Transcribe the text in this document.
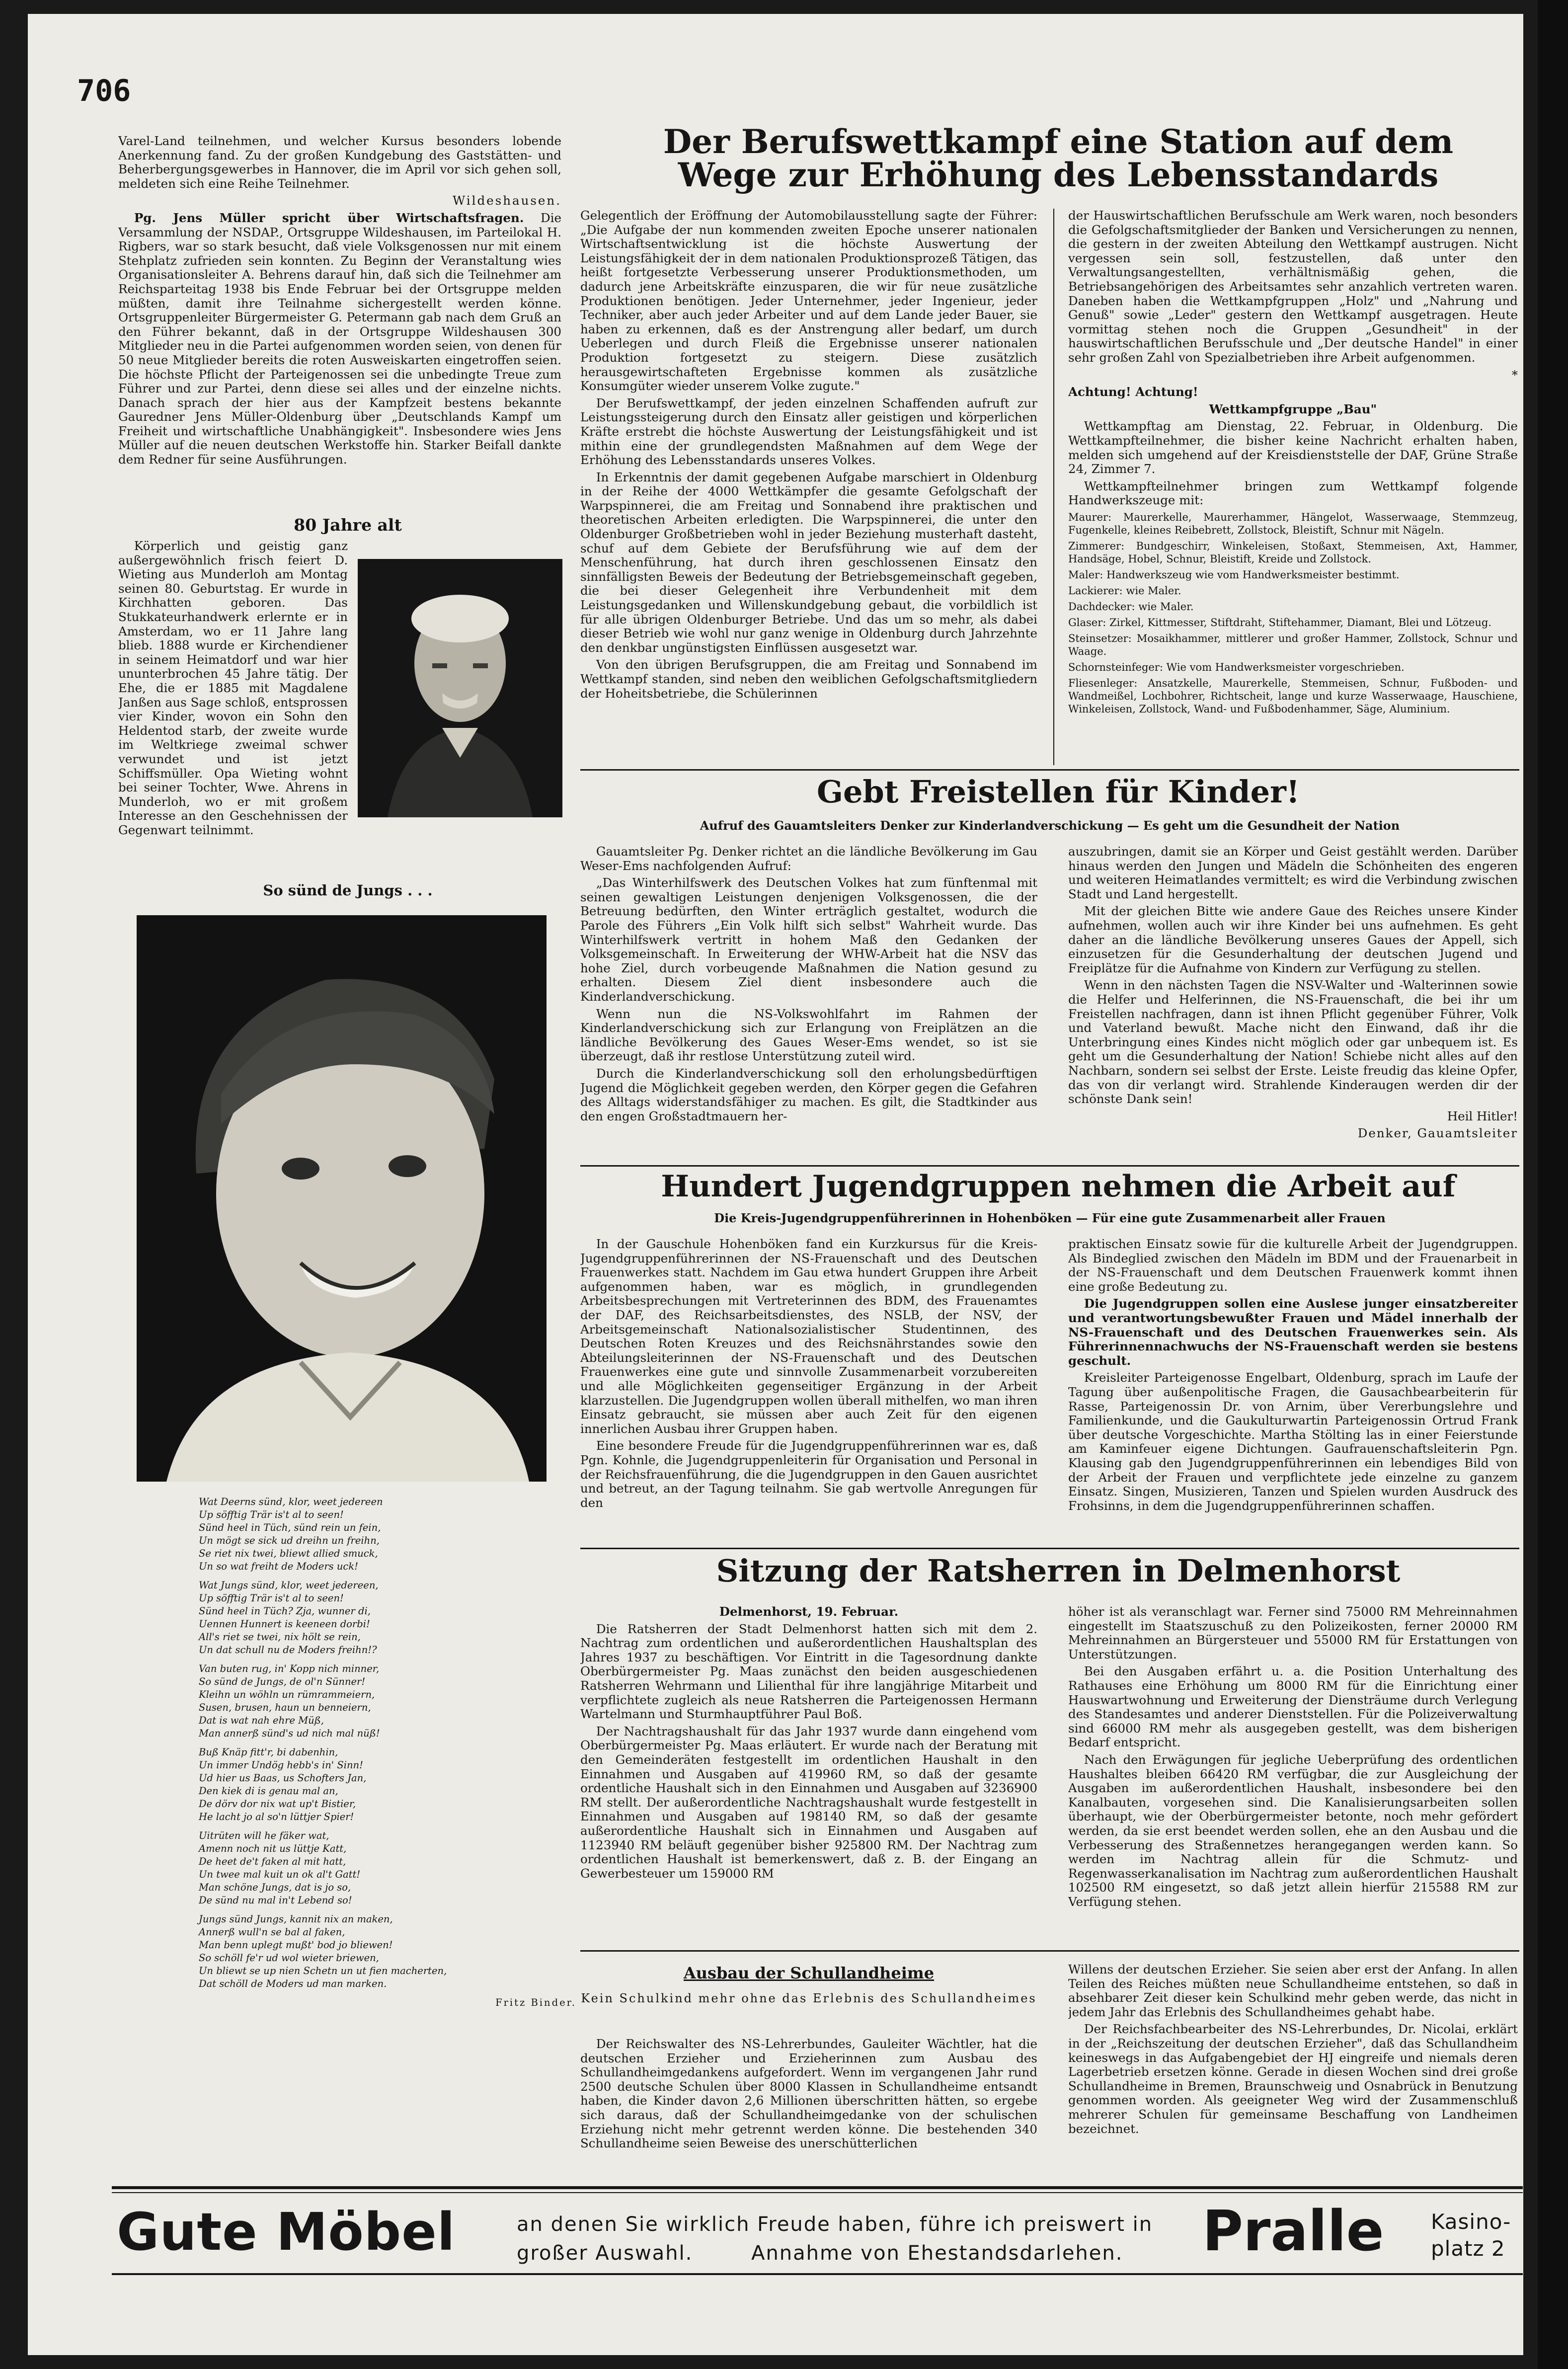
706

Varel-Land teilnehmen, und welcher Kursus besonders lobende Anerkennung fand. Zu der großen Kundgebung des Gaststätten- und Beherbergungsgewerbes in Hannover, die im April vor sich gehen soll, meldeten sich eine Reihe Teilnehmer.

Wildeshausen.

Pg. Jens Müller spricht über Wirtschaftsfragen. Die Versammlung der NSDAP., Ortsgruppe Wildeshausen, im Parteilokal H. Rigbers, war so stark besucht, daß viele Volksgenossen nur mit einem Stehplatz zufrieden sein konnten. Zu Beginn der Veranstaltung wies Organisationsleiter A. Behrens darauf hin, daß sich die Teilnehmer am Reichsparteitag 1938 bis Ende Februar bei der Ortsgruppe melden müßten, damit ihre Teilnahme sichergestellt werden könne. Ortsgruppenleiter Bürgermeister G. Petermann gab nach dem Gruß an den Führer bekannt, daß in der Ortsgruppe Wildeshausen 300 Mitglieder neu in die Partei aufgenommen worden seien, von denen für 50 neue Mitglieder bereits die roten Ausweiskarten eingetroffen seien. Die höchste Pflicht der Parteigenossen sei die unbedingte Treue zum Führer und zur Partei, denn diese sei alles und der einzelne nichts. Danach sprach der hier aus der Kampfzeit bestens bekannte Gauredner Jens Müller-Oldenburg über „Deutschlands Kampf um Freiheit und wirtschaftliche Unabhängigkeit". Insbesondere wies Jens Müller auf die neuen deutschen Werkstoffe hin. Starker Beifall dankte dem Redner für seine Ausführungen.

80 Jahre alt

Körperlich und geistig ganz außergewöhnlich frisch feiert D. Wieting aus Munderloh am Montag seinen 80. Geburtstag. Er wurde in Kirchhatten geboren. Das Stukkateurhandwerk erlernte er in Amsterdam, wo er 11 Jahre lang blieb. 1888 wurde er Kirchendiener in seinem Heimatdorf und war hier ununterbrochen 45 Jahre tätig. Der Ehe, die er 1885 mit Magdalene Janßen aus Sage schloß, entsprossen vier Kinder, wovon ein Sohn den Heldentod starb, der zweite wurde im Weltkriege zweimal schwer verwundet und ist jetzt Schiffsmüller. Opa Wieting wohnt bei seiner Tochter, Wwe. Ahrens in Munderloh, wo er mit großem Interesse an den Geschehnissen der Gegenwart teilnimmt.

So sünd de Jungs . . .

Wat Deerns sünd, klor, weet jedereen
Up söfftig Trär is't al to seen!
Sünd heel in Tüch, sünd rein un fein,
Un mögt se sick ud dreihn un freihn,
Se riet nix twei, bliewt allied smuck,
Un so wat freiht de Moders uck!

Wat Jungs sünd, klor, weet jedereen,
Up söfftig Trär is't al to seen!
Sünd heel in Tüch? Zja, wunner di,
Uennen Hunnert is keeneen dorbi!
All's riet se twei, nix hölt se rein,
Un dat schull nu de Moders freihn!?

Van buten rug, in' Kopp nich minner,
So sünd de Jungs, de ol'n Sünner!
Kleihn un wöhln un rümrammeiern,
Susen, brusen, haun un benneiern,
Dat is wat nah ehre Müß,
Man annerß sünd's ud nich mal nüß!

Buß Knäp fitt'r, bi dabenhin,
Un immer Undög hebb's in' Sinn!
Ud hier us Baas, us Schofters Jan,
Den kiek di is genau mal an,
De dörv dor nix wat up't Bistier,
He lacht jo al so'n lüttjer Spier!

Uitrüten will he fäker wat,
Amenn noch nit us lüttje Katt,
De heet de't faken al mit hatt,
Un twee mal kuit un ok al't Gatt!
Man schöne Jungs, dat is jo so,
De sünd nu mal in't Lebend so!

Jungs sünd Jungs, kannit nix an maken,
Annerß wull'n se bal al faken,
Man benn uplegt mußt' bod jo bliewen!
So schöll fe'r ud wol wieter briewen,
Un bliewt se up nien Schetn un ut fien macherten,
Dat schöll de Moders ud man marken.

Fritz Binder.

Der Berufswettkampf eine Station auf dem Wege zur Erhöhung des Lebensstandards

Gelegentlich der Eröffnung der Automobilausstellung sagte der Führer: „Die Aufgabe der nun kommenden zweiten Epoche unserer nationalen Wirtschaftsentwicklung ist die höchste Auswertung der Leistungsfähigkeit der in dem nationalen Produktionsprozeß Tätigen, das heißt fortgesetzte Verbesserung unserer Produktionsmethoden, um dadurch jene Arbeitskräfte einzusparen, die wir für neue zusätzliche Produktionen benötigen. Jeder Unternehmer, jeder Ingenieur, jeder Techniker, aber auch jeder Arbeiter und auf dem Lande jeder Bauer, sie haben zu erkennen, daß es der Anstrengung aller bedarf, um durch Ueberlegen und durch Fleiß die Ergebnisse unserer nationalen Produktion fortgesetzt zu steigern. Diese zusätzlich herausgewirtschafteten Ergebnisse kommen als zusätzliche Konsumgüter wieder unserem Volke zugute."

Der Berufswettkampf, der jeden einzelnen Schaffenden aufruft zur Leistungssteigerung durch den Einsatz aller geistigen und körperlichen Kräfte erstrebt die höchste Auswertung der Leistungsfähigkeit und ist mithin eine der grundlegendsten Maßnahmen auf dem Wege der Erhöhung des Lebensstandards unseres Volkes.

In Erkenntnis der damit gegebenen Aufgabe marschiert in Oldenburg in der Reihe der 4000 Wettkämpfer die gesamte Gefolgschaft der Warpspinnerei, die am Freitag und Sonnabend ihre praktischen und theoretischen Arbeiten erledigten. Die Warpspinnerei, die unter den Oldenburger Großbetrieben wohl in jeder Beziehung musterhaft dasteht, schuf auf dem Gebiete der Berufsführung wie auf dem der Menschenführung, hat durch ihren geschlossenen Einsatz den sinnfälligsten Beweis der Bedeutung der Betriebsgemeinschaft gegeben, die bei dieser Gelegenheit ihre Verbundenheit mit dem Leistungsgedanken und Willenskundgebung gebaut, die vorbildlich ist für alle übrigen Oldenburger Betriebe. Und das um so mehr, als dabei dieser Betrieb wie wohl nur ganz wenige in Oldenburg durch Jahrzehnte den denkbar ungünstigsten Einflüssen ausgesetzt war.

Von den übrigen Berufsgruppen, die am Freitag und Sonnabend im Wettkampf standen, sind neben den weiblichen Gefolgschaftsmitgliedern der Hoheitsbetriebe, die Schülerinnen

der Hauswirtschaftlichen Berufsschule am Werk waren, noch besonders die Gefolgschaftsmitglieder der Banken und Versicherungen zu nennen, die gestern in der zweiten Abteilung den Wettkampf austrugen. Nicht vergessen sein soll, festzustellen, daß unter den Verwaltungsangestellten, verhältnismäßig gehen, die Betriebsangehörigen des Arbeitsamtes sehr anzahlich vertreten waren. Daneben haben die Wettkampfgruppen „Holz" und „Nahrung und Genuß" sowie „Leder" gestern den Wettkampf ausgetragen. Heute vormittag stehen noch die Gruppen „Gesundheit" in der hauswirtschaftlichen Berufsschule und „Der deutsche Handel" in einer sehr großen Zahl von Spezialbetrieben ihre Arbeit aufgenommen.

*

Achtung! Achtung!

Wettkampfgruppe „Bau"

Wettkampftag am Dienstag, 22. Februar, in Oldenburg. Die Wettkampfteilnehmer, die bisher keine Nachricht erhalten haben, melden sich umgehend auf der Kreisdienststelle der DAF, Grüne Straße 24, Zimmer 7.

Wettkampfteilnehmer bringen zum Wettkampf folgende Handwerkszeuge mit:

Maurer: Maurerkelle, Maurerhammer, Hängelot, Wasserwaage, Stemmzeug, Fugenkelle, kleines Reibebrett, Zollstock, Bleistift, Schnur mit Nägeln.

Zimmerer: Bundgeschirr, Winkeleisen, Stoßaxt, Stemmeisen, Axt, Hammer, Handsäge, Hobel, Schnur, Bleistift, Kreide und Zollstock.

Maler: Handwerkszeug wie vom Handwerksmeister bestimmt.

Lackierer: wie Maler.

Dachdecker: wie Maler.

Glaser: Zirkel, Kittmesser, Stiftdraht, Stiftehammer, Diamant, Blei und Lötzeug.

Steinsetzer: Mosaikhammer, mittlerer und großer Hammer, Zollstock, Schnur und Waage.

Schornsteinfeger: Wie vom Handwerksmeister vorgeschrieben.

Fliesenleger: Ansatzkelle, Maurerkelle, Stemmeisen, Schnur, Fußboden- und Wandmeißel, Lochbohrer, Richtscheit, lange und kurze Wasserwaage, Hauschiene, Winkeleisen, Zollstock, Wand- und Fußbodenhammer, Säge, Aluminium.

Gebt Freistellen für Kinder!
Aufruf des Gauamtsleiters Denker zur Kinderlandverschickung — Es geht um die Gesundheit der Nation

Gauamtsleiter Pg. Denker richtet an die ländliche Bevölkerung im Gau Weser-Ems nachfolgenden Aufruf:

„Das Winterhilfswerk des Deutschen Volkes hat zum fünftenmal mit seinen gewaltigen Leistungen denjenigen Volksgenossen, die der Betreuung bedürften, den Winter erträglich gestaltet, wodurch die Parole des Führers „Ein Volk hilft sich selbst" Wahrheit wurde. Das Winterhilfswerk vertritt in hohem Maß den Gedanken der Volksgemeinschaft. In Erweiterung der WHW-Arbeit hat die NSV das hohe Ziel, durch vorbeugende Maßnahmen die Nation gesund zu erhalten. Diesem Ziel dient insbesondere auch die Kinderlandverschickung.

Wenn nun die NS-Volkswohlfahrt im Rahmen der Kinderlandverschickung sich zur Erlangung von Freiplätzen an die ländliche Bevölkerung des Gaues Weser-Ems wendet, so ist sie überzeugt, daß ihr restlose Unterstützung zuteil wird.

Durch die Kinderlandverschickung soll den erholungsbedürftigen Jugend die Möglichkeit gegeben werden, den Körper gegen die Gefahren des Alltags widerstandsfähiger zu machen. Es gilt, die Stadtkinder aus den engen Großstadtmauern her-

auszubringen, damit sie an Körper und Geist gestählt werden. Darüber hinaus werden den Jungen und Mädeln die Schönheiten des engeren und weiteren Heimatlandes vermittelt; es wird die Verbindung zwischen Stadt und Land hergestellt.

Mit der gleichen Bitte wie andere Gaue des Reiches unsere Kinder aufnehmen, wollen auch wir ihre Kinder bei uns aufnehmen. Es geht daher an die ländliche Bevölkerung unseres Gaues der Appell, sich einzusetzen für die Gesunderhaltung der deutschen Jugend und Freiplätze für die Aufnahme von Kindern zur Verfügung zu stellen.

Wenn in den nächsten Tagen die NSV-Walter und -Walterinnen sowie die Helfer und Helferinnen, die NS-Frauenschaft, die bei ihr um Freistellen nachfragen, dann ist ihnen Pflicht gegenüber Führer, Volk und Vaterland bewußt. Mache nicht den Einwand, daß ihr die Unterbringung eines Kindes nicht möglich oder gar unbequem ist. Es geht um die Gesunderhaltung der Nation! Schiebe nicht alles auf den Nachbarn, sondern sei selbst der Erste. Leiste freudig das kleine Opfer, das von dir verlangt wird. Strahlende Kinderaugen werden dir der schönste Dank sein!

Heil Hitler!

Denker, Gauamtsleiter

Hundert Jugendgruppen nehmen die Arbeit auf
Die Kreis-Jugendgruppenführerinnen in Hohenböken — Für eine gute Zusammenarbeit aller Frauen

In der Gauschule Hohenböken fand ein Kurzkursus für die Kreis-Jugendgruppenführerinnen der NS-Frauenschaft und des Deutschen Frauenwerkes statt. Nachdem im Gau etwa hundert Gruppen ihre Arbeit aufgenommen haben, war es möglich, in grundlegenden Arbeitsbesprechungen mit Vertreterinnen des BDM, des Frauenamtes der DAF, des Reichsarbeitsdienstes, des NSLB, der NSV, der Arbeitsgemeinschaft Nationalsozialistischer Studentinnen, des Deutschen Roten Kreuzes und des Reichsnährstandes sowie den Abteilungsleiterinnen der NS-Frauenschaft und des Deutschen Frauenwerkes eine gute und sinnvolle Zusammenarbeit vorzubereiten und alle Möglichkeiten gegenseitiger Ergänzung in der Arbeit klarzustellen. Die Jugendgruppen wollen überall mithelfen, wo man ihren Einsatz gebraucht, sie müssen aber auch Zeit für den eigenen innerlichen Ausbau ihrer Gruppen haben.

Eine besondere Freude für die Jugendgruppenführerinnen war es, daß Pgn. Kohnle, die Jugendgruppenleiterin für Organisation und Personal in der Reichsfrauenführung, die die Jugendgruppen in den Gauen ausrichtet und betreut, an der Tagung teilnahm. Sie gab wertvolle Anregungen für den

praktischen Einsatz sowie für die kulturelle Arbeit der Jugendgruppen. Als Bindeglied zwischen den Mädeln im BDM und der Frauenarbeit in der NS-Frauenschaft und dem Deutschen Frauenwerk kommt ihnen eine große Bedeutung zu.

Die Jugendgruppen sollen eine Auslese junger einsatzbereiter und verantwortungsbewußter Frauen und Mädel innerhalb der NS-Frauenschaft und des Deutschen Frauenwerkes sein. Als Führerinnennachwuchs der NS-Frauenschaft werden sie bestens geschult.

Kreisleiter Parteigenosse Engelbart, Oldenburg, sprach im Laufe der Tagung über außenpolitische Fragen, die Gausachbearbeiterin für Rasse, Parteigenossin Dr. von Arnim, über Vererbungslehre und Familienkunde, und die Gaukulturwartin Parteigenossin Ortrud Frank über deutsche Vorgeschichte. Martha Stölting las in einer Feierstunde am Kaminfeuer eigene Dichtungen. Gaufrauenschaftsleiterin Pgn. Klausing gab den Jugendgruppenführerinnen ein lebendiges Bild von der Arbeit der Frauen und verpflichtete jede einzelne zu ganzem Einsatz. Singen, Musizieren, Tanzen und Spielen wurden Ausdruck des Frohsinns, in dem die Jugendgruppenführerinnen schaffen.

Sitzung der Ratsherren in Delmenhorst

Delmenhorst, 19. Februar.

Die Ratsherren der Stadt Delmenhorst hatten sich mit dem 2. Nachtrag zum ordentlichen und außerordentlichen Haushaltsplan des Jahres 1937 zu beschäftigen. Vor Eintritt in die Tagesordnung dankte Oberbürgermeister Pg. Maas zunächst den beiden ausgeschiedenen Ratsherren Wehrmann und Lilienthal für ihre langjährige Mitarbeit und verpflichtete zugleich als neue Ratsherren die Parteigenossen Hermann Wartelmann und Sturmhauptführer Paul Boß.

Der Nachtragshaushalt für das Jahr 1937 wurde dann eingehend vom Oberbürgermeister Pg. Maas erläutert. Er wurde nach der Beratung mit den Gemeinderäten festgestellt im ordentlichen Haushalt in den Einnahmen und Ausgaben auf 419960 RM, so daß der gesamte ordentliche Haushalt sich in den Einnahmen und Ausgaben auf 3236900 RM stellt. Der außerordentliche Nachtragshaushalt wurde festgestellt in Einnahmen und Ausgaben auf 198140 RM, so daß der gesamte außerordentliche Haushalt sich in Einnahmen und Ausgaben auf 1123940 RM beläuft gegenüber bisher 925800 RM. Der Nachtrag zum ordentlichen Haushalt ist bemerkenswert, daß z. B. der Eingang an Gewerbesteuer um 159000 RM

höher ist als veranschlagt war. Ferner sind 75000 RM Mehreinnahmen eingestellt im Staatszuschuß zu den Polizeikosten, ferner 20000 RM Mehreinnahmen an Bürgersteuer und 55000 RM für Erstattungen von Unterstützungen.

Bei den Ausgaben erfährt u. a. die Position Unterhaltung des Rathauses eine Erhöhung um 8000 RM für die Einrichtung einer Hauswartwohnung und Erweiterung der Diensträume durch Verlegung des Standesamtes und anderer Dienststellen. Für die Polizeiverwaltung sind 66000 RM mehr als ausgegeben gestellt, was dem bisherigen Bedarf entspricht.

Nach den Erwägungen für jegliche Ueberprüfung des ordentlichen Haushaltes bleiben 66420 RM verfügbar, die zur Ausgleichung der Ausgaben im außerordentlichen Haushalt, insbesondere bei den Kanalbauten, vorgesehen sind. Die Kanalisierungsarbeiten sollen überhaupt, wie der Oberbürgermeister betonte, noch mehr gefördert werden, da sie erst beendet werden sollen, ehe an den Ausbau und die Verbesserung des Straßennetzes herangegangen werden kann. So werden im Nachtrag allein für die Schmutz- und Regenwasserkanalisation im Nachtrag zum außerordentlichen Haushalt 102500 RM eingesetzt, so daß jetzt allein hierfür 215588 RM zur Verfügung stehen.

Ausbau der Schullandheime
Kein Schulkind mehr ohne das Erlebnis des Schullandheimes

Der Reichswalter des NS-Lehrerbundes, Gauleiter Wächtler, hat die deutschen Erzieher und Erzieherinnen zum Ausbau des Schullandheimgedankens aufgefordert. Wenn im vergangenen Jahr rund 2500 deutsche Schulen über 8000 Klassen in Schullandheime entsandt haben, die Kinder davon 2,6 Millionen überschritten hätten, so ergebe sich daraus, daß der Schullandheimgedanke von der schulischen Erziehung nicht mehr getrennt werden könne. Die bestehenden 340 Schullandheime seien Beweise des unerschütterlichen

Willens der deutschen Erzieher. Sie seien aber erst der Anfang. In allen Teilen des Reiches müßten neue Schullandheime entstehen, so daß in absehbarer Zeit dieser kein Schulkind mehr geben werde, das nicht in jedem Jahr das Erlebnis des Schullandheimes gehabt habe.

Der Reichsfachbearbeiter des NS-Lehrerbundes, Dr. Nicolai, erklärt in der „Reichszeitung der deutschen Erzieher", daß das Schullandheim keineswegs in das Aufgabengebiet der HJ eingreife und niemals deren Lagerbetrieb ersetzen könne. Gerade in diesen Wochen sind drei große Schullandheime in Bremen, Braunschweig und Osnabrück in Benutzung genommen worden. Als geeigneter Weg wird der Zusammenschluß mehrerer Schulen für gemeinsame Beschaffung von Landheimen bezeichnet.

Gute Möbel	an denen Sie wirklich Freude haben, führe ich preiswert in
großer Auswahl.	Annahme von Ehestandsdarlehen.	Pralle	Kasino-
platz 2
